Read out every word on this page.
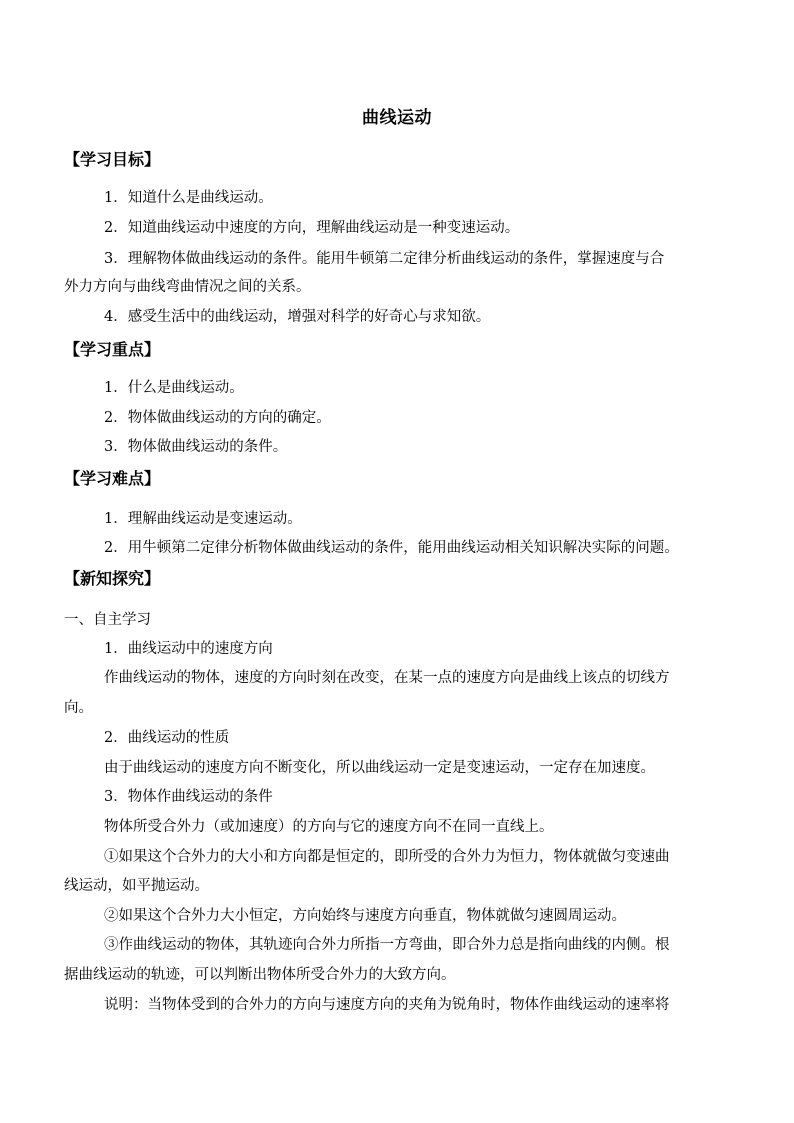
曲线运动
【学习目标】
1．知道什么是曲线运动。
2．知道曲线运动中速度的方向，理解曲线运动是一种变速运动。
3．理解物体做曲线运动的条件。能用牛顿第二定律分析曲线运动的条件，掌握速度与合
外力方向与曲线弯曲情况之间的关系。
4．感受生活中的曲线运动，增强对科学的好奇心与求知欲。
【学习重点】
1．什么是曲线运动。
2．物体做曲线运动的方向的确定。
3．物体做曲线运动的条件。
【学习难点】
1．理解曲线运动是变速运动。
2．用牛顿第二定律分析物体做曲线运动的条件，能用曲线运动相关知识解决实际的问题。
【新知探究】
一、自主学习
1．曲线运动中的速度方向
作曲线运动的物体，速度的方向时刻在改变，在某一点的速度方向是曲线上该点的切线方
向。
2．曲线运动的性质
由于曲线运动的速度方向不断变化，所以曲线运动一定是变速运动，一定存在加速度。
3．物体作曲线运动的条件
物体所受合外力（或加速度）的方向与它的速度方向不在同一直线上。
①如果这个合外力的大小和方向都是恒定的，即所受的合外力为恒力，物体就做匀变速曲
线运动，如平抛运动。
②如果这个合外力大小恒定，方向始终与速度方向垂直，物体就做匀速圆周运动。
③作曲线运动的物体，其轨迹向合外力所指一方弯曲，即合外力总是指向曲线的内侧。根
据曲线运动的轨迹，可以判断出物体所受合外力的大致方向。
说明：当物体受到的合外力的方向与速度方向的夹角为锐角时，物体作曲线运动的速率将
